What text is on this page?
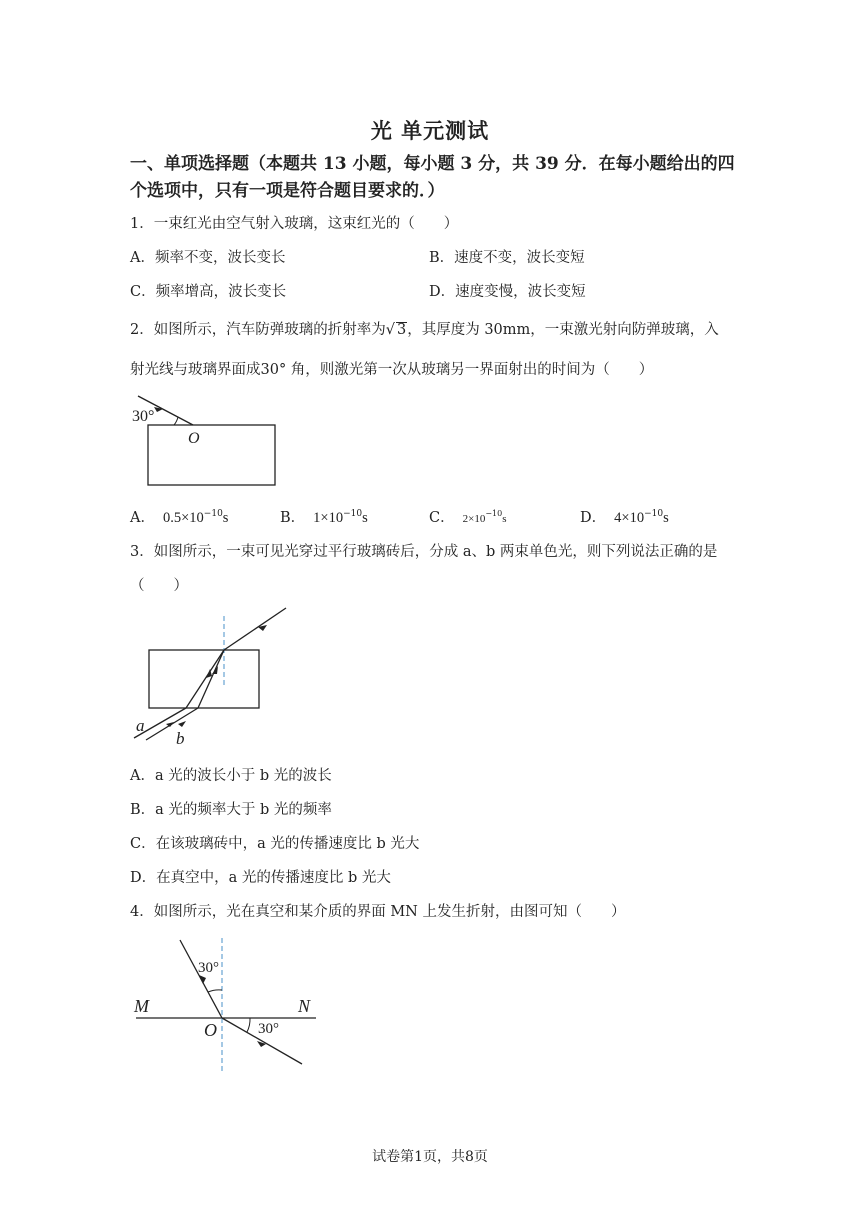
光 单元测试
一、单项选择题（本题共 13 小题，每小题 3 分，共 39 分．在每小题给出的四个选项中，只有一项是符合题目要求的．）
1．一束红光由空气射入玻璃，这束红光的（　　）
A．频率不变，波长变长	B．速度不变，波长变短
C．频率增高，波长变长	D．速度变慢，波长变短
2．如图所示，汽车防弹玻璃的折射率为√ 3，其厚度为 30mm，一束激光射向防弹玻璃，入
射光线与玻璃界面成30° 角，则激光第一次从玻璃另一界面射出的时间为（　　）
30°
O
A． $0.5\times 10^{-10}s$	B． $1\times 10^{-10}s$	C． $2\times 10^{-10}s$	D． $4\times 10^{-10}s$
3．如图所示，一束可见光穿过平行玻璃砖后，分成 a、b 两束单色光，则下列说法正确的是
（　　）
a
b
A．a 光的波长小于 b 光的波长
B．a 光的频率大于 b 光的频率
C．在该玻璃砖中，a 光的传播速度比 b 光大
D．在真空中，a 光的传播速度比 b 光大
4．如图所示，光在真空和某介质的界面 MN 上发生折射，由图可知（　　）
30°
30°
M	N
O
试卷第1页，共8页
